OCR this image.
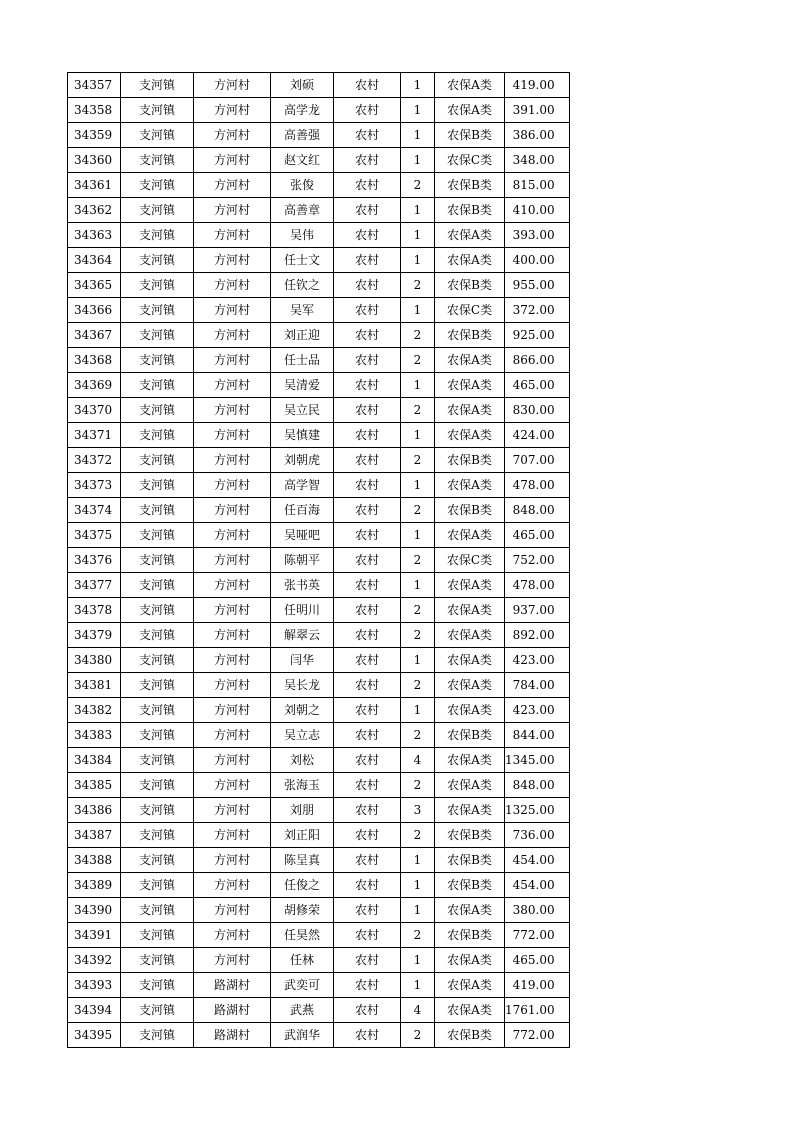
34357	支河镇	方河村	刘硕	农村	1	农保A类	419.00
34358	支河镇	方河村	高学龙	农村	1	农保A类	391.00
34359	支河镇	方河村	高善强	农村	1	农保B类	386.00
34360	支河镇	方河村	赵文红	农村	1	农保C类	348.00
34361	支河镇	方河村	张俊	农村	2	农保B类	815.00
34362	支河镇	方河村	高善章	农村	1	农保B类	410.00
34363	支河镇	方河村	吴伟	农村	1	农保A类	393.00
34364	支河镇	方河村	任士文	农村	1	农保A类	400.00
34365	支河镇	方河村	任钦之	农村	2	农保B类	955.00
34366	支河镇	方河村	吴军	农村	1	农保C类	372.00
34367	支河镇	方河村	刘正迎	农村	2	农保B类	925.00
34368	支河镇	方河村	任士品	农村	2	农保A类	866.00
34369	支河镇	方河村	吴清爱	农村	1	农保A类	465.00
34370	支河镇	方河村	吴立民	农村	2	农保A类	830.00
34371	支河镇	方河村	吴慎建	农村	1	农保A类	424.00
34372	支河镇	方河村	刘朝虎	农村	2	农保B类	707.00
34373	支河镇	方河村	高学智	农村	1	农保A类	478.00
34374	支河镇	方河村	任百海	农村	2	农保B类	848.00
34375	支河镇	方河村	吴哑吧	农村	1	农保A类	465.00
34376	支河镇	方河村	陈朝平	农村	2	农保C类	752.00
34377	支河镇	方河村	张书英	农村	1	农保A类	478.00
34378	支河镇	方河村	任明川	农村	2	农保A类	937.00
34379	支河镇	方河村	解翠云	农村	2	农保A类	892.00
34380	支河镇	方河村	闫华	农村	1	农保A类	423.00
34381	支河镇	方河村	吴长龙	农村	2	农保A类	784.00
34382	支河镇	方河村	刘朝之	农村	1	农保A类	423.00
34383	支河镇	方河村	吴立志	农村	2	农保B类	844.00
34384	支河镇	方河村	刘松	农村	4	农保A类	1345.00
34385	支河镇	方河村	张海玉	农村	2	农保A类	848.00
34386	支河镇	方河村	刘朋	农村	3	农保A类	1325.00
34387	支河镇	方河村	刘正阳	农村	2	农保B类	736.00
34388	支河镇	方河村	陈呈真	农村	1	农保B类	454.00
34389	支河镇	方河村	任俊之	农村	1	农保B类	454.00
34390	支河镇	方河村	胡修荣	农村	1	农保A类	380.00
34391	支河镇	方河村	任昊然	农村	2	农保B类	772.00
34392	支河镇	方河村	任林	农村	1	农保A类	465.00
34393	支河镇	路湖村	武奕可	农村	1	农保A类	419.00
34394	支河镇	路湖村	武燕	农村	4	农保A类	1761.00
34395	支河镇	路湖村	武润华	农村	2	农保B类	772.00
